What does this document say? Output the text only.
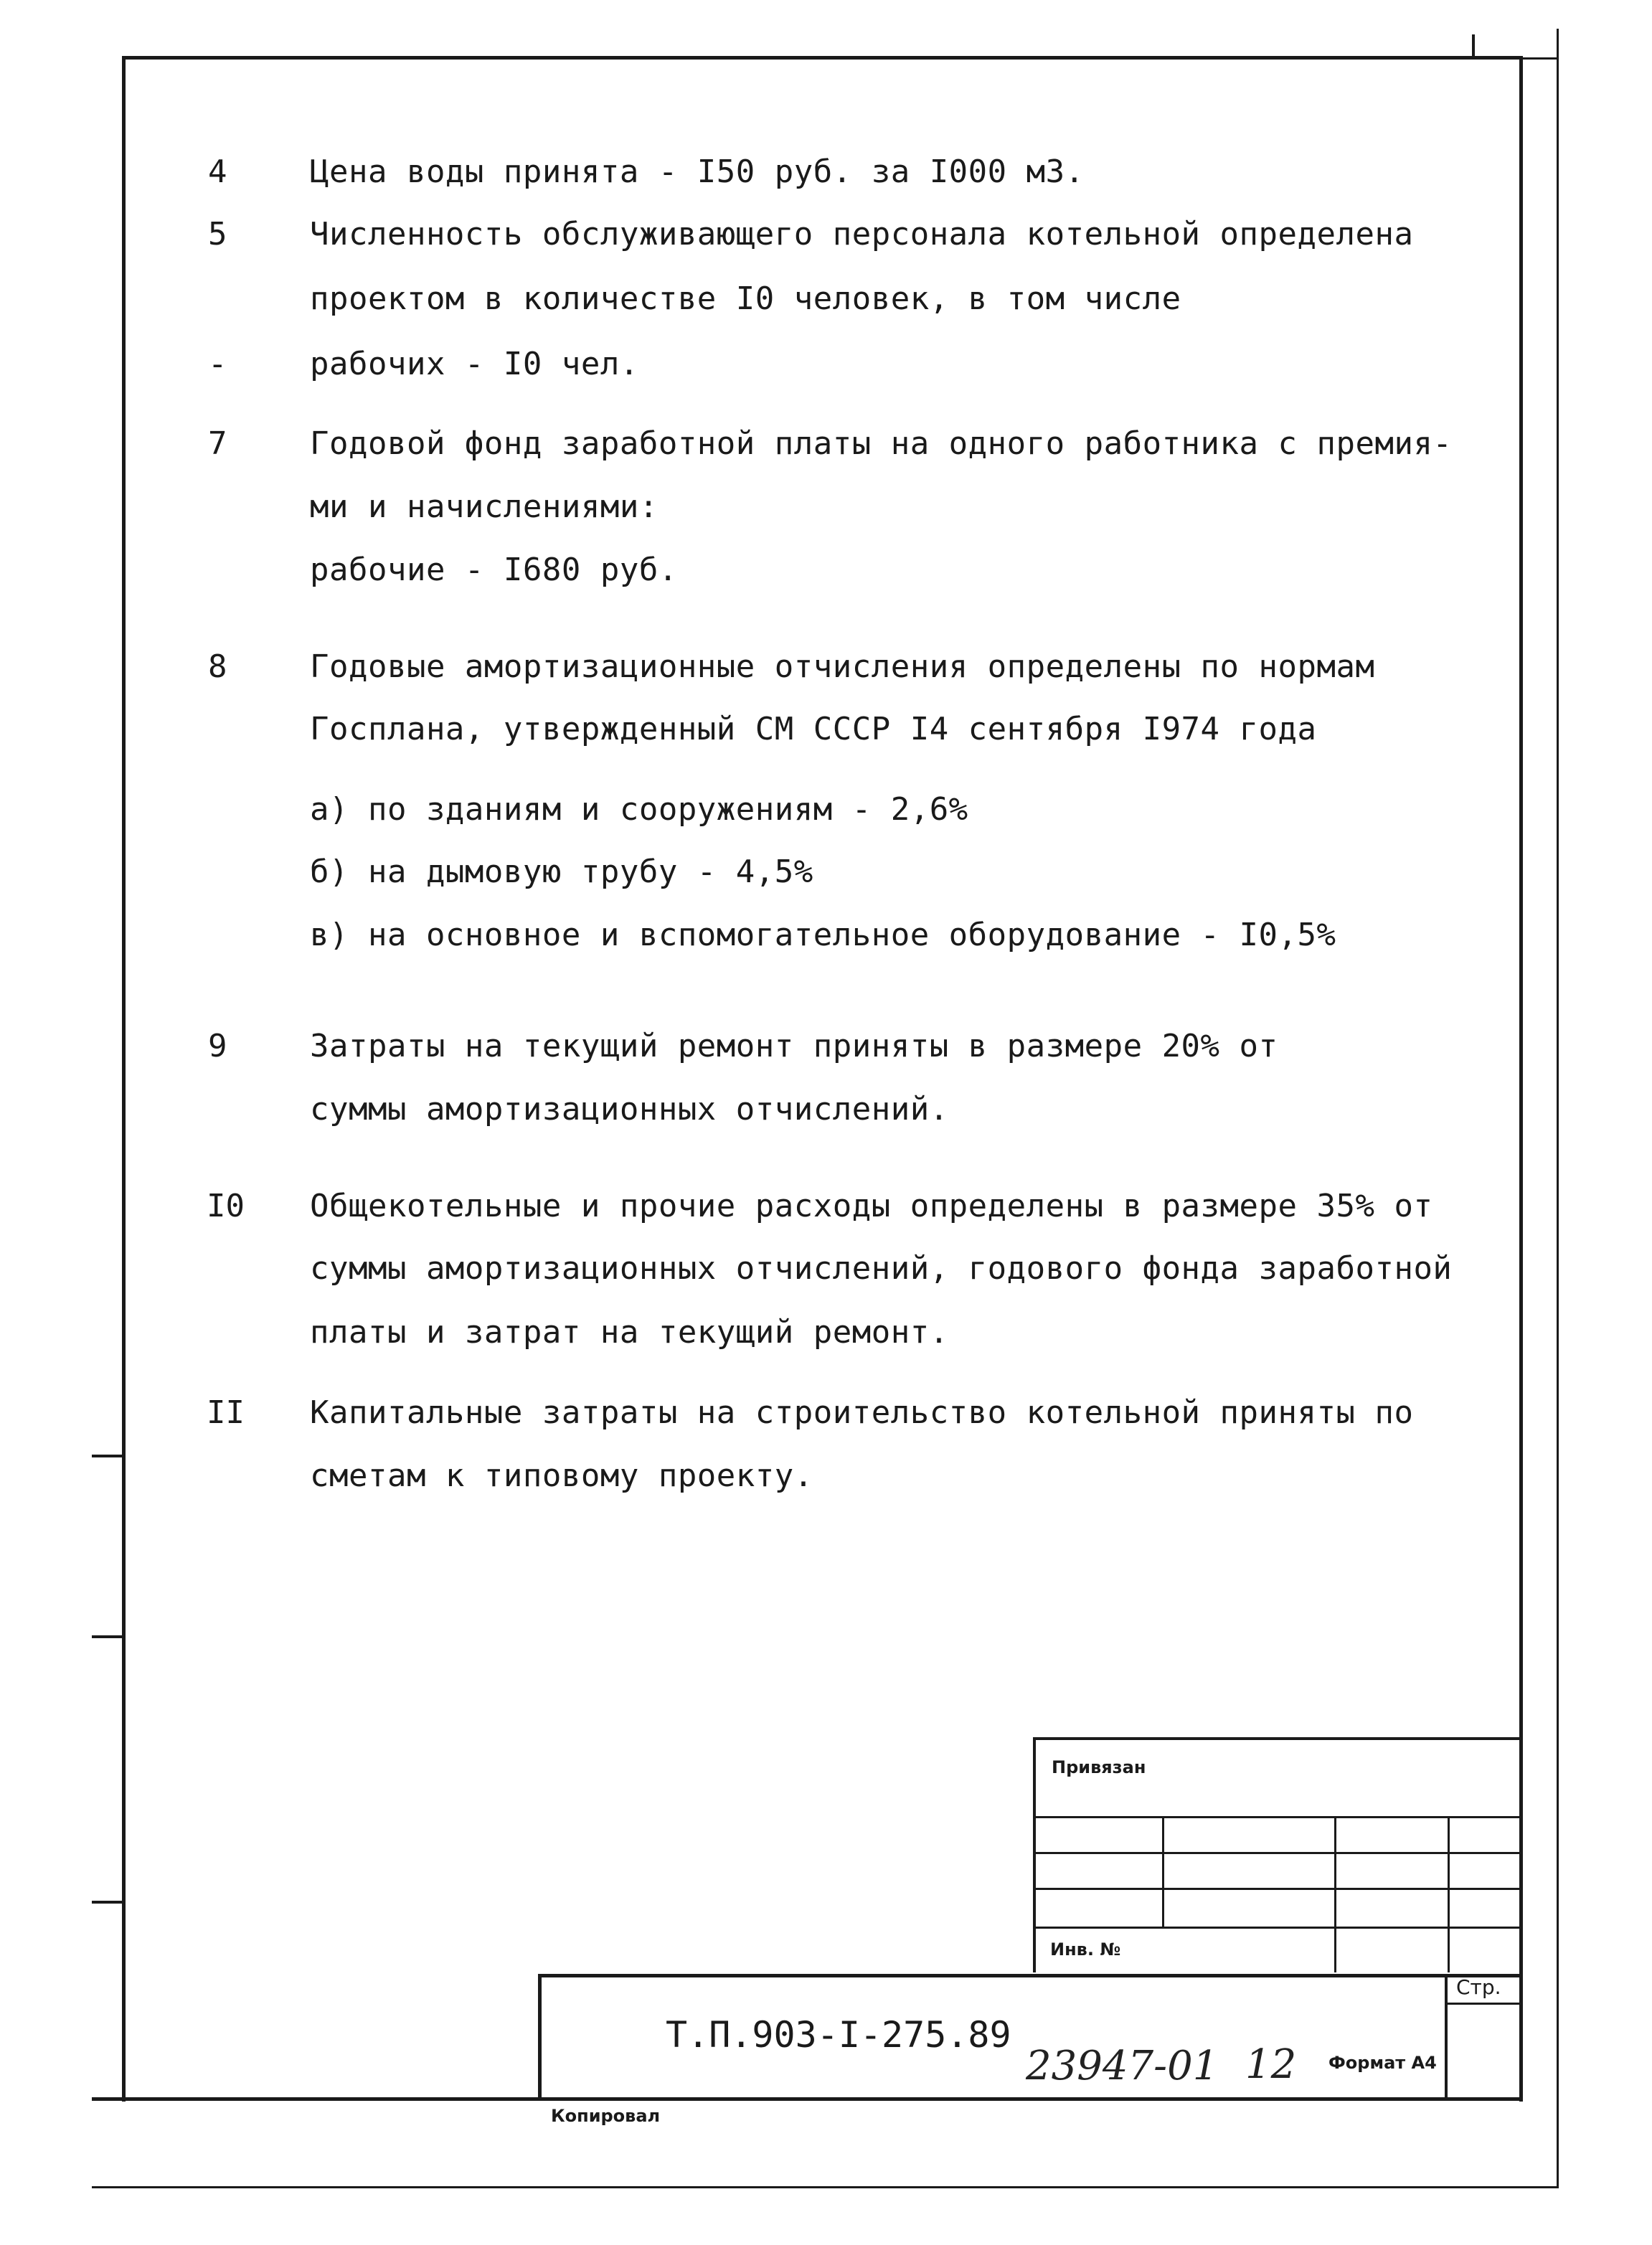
4	Цена воды принята - I50 руб. за I000 м3.
5	Численность обслуживающего персонала котельной определена
проектом в количестве I0 человек, в том числе
-	рабочих - I0 чел.
7	Годовой фонд заработной платы на одного работника с премия-
ми и начислениями:
рабочие - I680 руб.
8	Годовые амортизационные отчисления определены по нормам
Госплана, утвержденный СМ СССР I4 сентября I974 года
а) по зданиям и сооружениям - 2,6%
б) на дымовую трубу - 4,5%
в) на основное и вспомогательное оборудование - I0,5%
9	Затраты на текущий ремонт приняты в размере 20% от
суммы амортизационных отчислений.
I0 Общекотельные и прочие расходы определены в размере 35% от
суммы амортизационных отчислений, годового фонда заработной
платы и затрат на текущий ремонт.
II Капитальные затраты на строительство котельной приняты по
сметам к типовому проекту.
Привязан
Инв. №
Стр.
Т.П.903-I-275.89
Копировал
23947-01 12 Формат А4
